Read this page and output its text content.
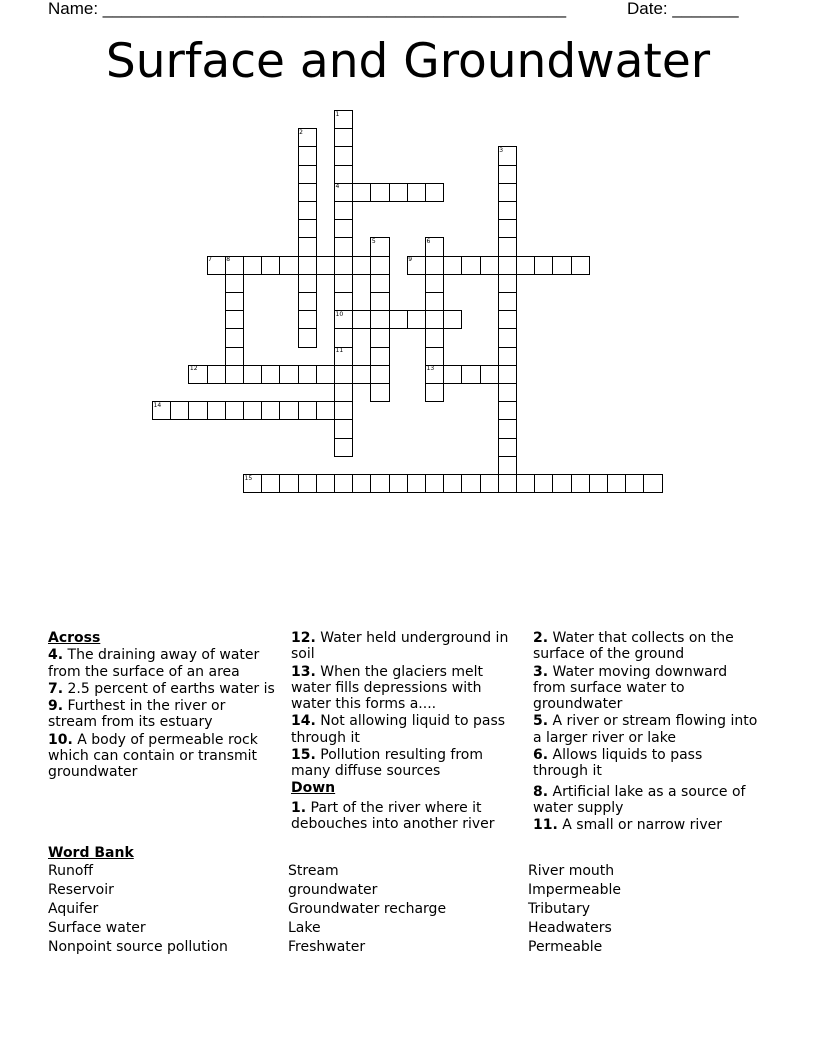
Name: _________________________________________________	Date: _______
Surface and Groundwater
1
2
3
4
5	6
7 8	9
10
11
12	13
14
15
Across
4. The draining away of water from the surface of an area
7. 2.5 percent of earths water is
9. Furthest in the river or stream from its estuary
10. A body of permeable rock which can contain or transmit groundwater
12. Water held underground in soil
13. When the glaciers melt water fills depressions with water this forms a....
14. Not allowing liquid to pass through it
15. Pollution resulting from many diffuse sources
Down
1. Part of the river where it debouches into another river
2. Water that collects on the surface of the ground
3. Water moving downward from surface water to groundwater
5. A river or stream flowing into a larger river or lake
6. Allows liquids to pass through it
8. Artificial lake as a source of water supply
11. A small or narrow river
Word Bank
Runoff
Reservoir
Aquifer
Surface water
Nonpoint source pollution
Stream
groundwater
Groundwater recharge
Lake
Freshwater
River mouth
Impermeable
Tributary
Headwaters
Permeable
